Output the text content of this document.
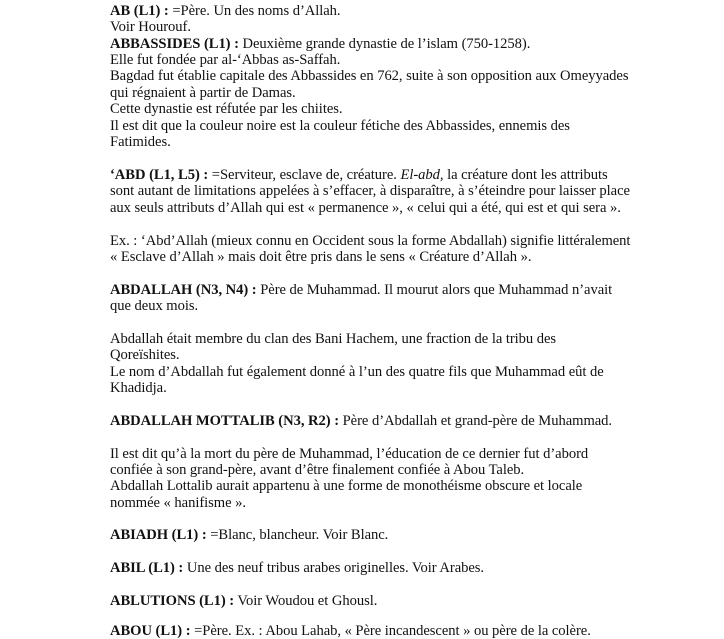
AB (L1) : =Père. Un des noms d’Allah.
Voir Hourouf.
ABBASSIDES (L1) : Deuxième grande dynastie de l’islam (750-1258).
Elle fut fondée par al-‘Abbas as-Saffah.
Bagdad fut établie capitale des Abbassides en 762, suite à son opposition aux Omeyyades
qui régnaient à partir de Damas.
Cette dynastie est réfutée par les chiites.
Il est dit que la couleur noire est la couleur fétiche des Abbassides, ennemis des
Fatimides.
‘ABD (L1, L5) : =Serviteur, esclave de, créature. El-abd, la créature dont les attributs
sont autant de limitations appelées à s’effacer, à disparaître, à s’éteindre pour laisser place
aux seuls attributs d’Allah qui est « permanence », « celui qui a été, qui est et qui sera ».
Ex. : ‘Abd’Allah (mieux connu en Occident sous la forme Abdallah) signifie littéralement
« Esclave d’Allah » mais doit être pris dans le sens « Créature d’Allah ».
ABDALLAH (N3, N4) : Père de Muhammad. Il mourut alors que Muhammad n’avait
que deux mois.
Abdallah était membre du clan des Bani Hachem, une fraction de la tribu des
Qoreïshites.
Le nom d’Abdallah fut également donné à l’un des quatre fils que Muhammad eût de
Khadidja.
ABDALLAH MOTTALIB (N3, R2) : Père d’Abdallah et grand-père de Muhammad.
Il est dit qu’à la mort du père de Muhammad, l’éducation de ce dernier fut d’abord
confiée à son grand-père, avant d’être finalement confiée à Abou Taleb.
Abdallah Lottalib aurait appartenu à une forme de monothéisme obscure et locale
nommée « hanifisme ».
ABIADH (L1) : =Blanc, blancheur. Voir Blanc.
ABIL (L1) : Une des neuf tribus arabes originelles. Voir Arabes.
ABLUTIONS (L1) : Voir Woudou et Ghousl.
ABOU (L1) : =Père. Ex. : Abou Lahab, « Père incandescent » ou père de la colère.
